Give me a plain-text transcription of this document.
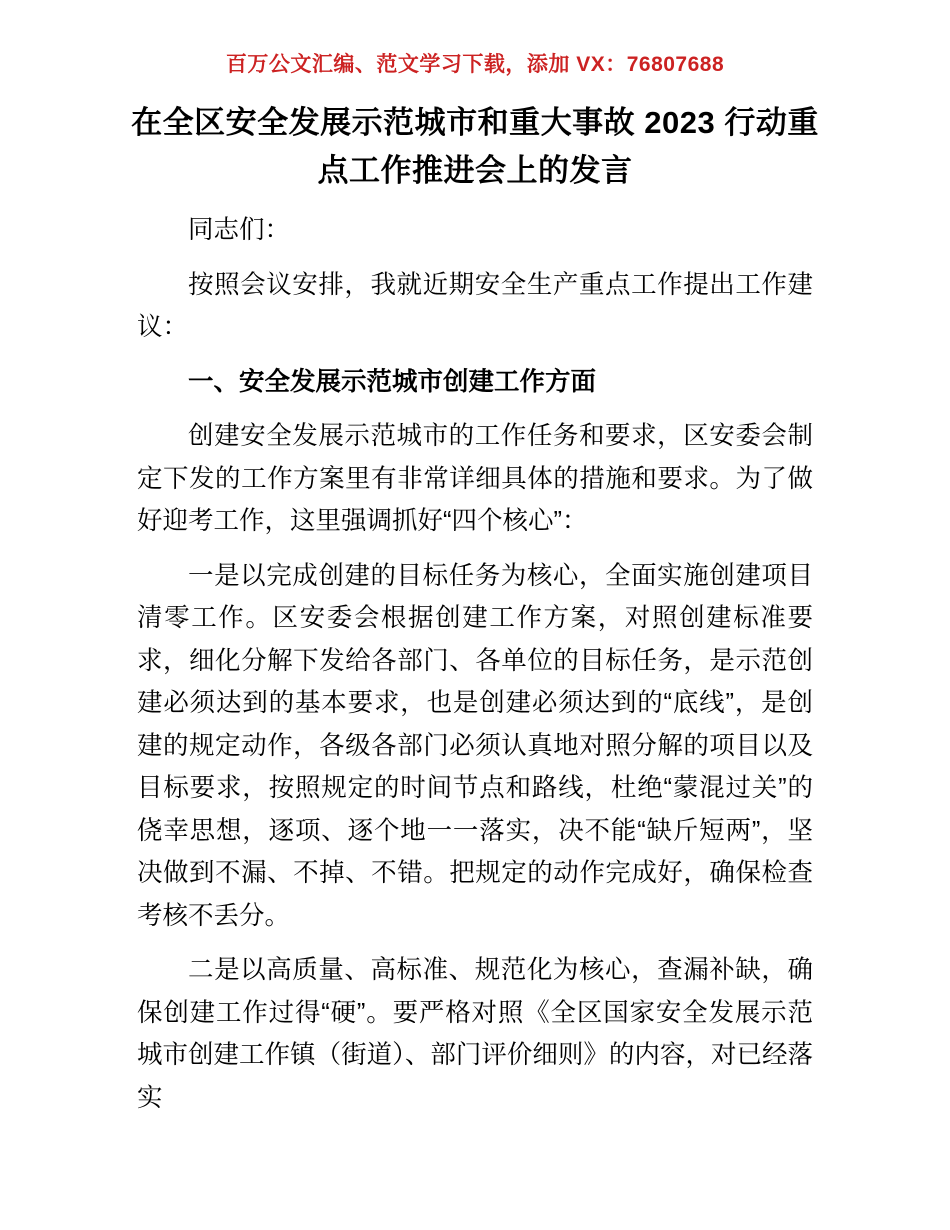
百万公文汇编、范文学习下载，添加 VX：76807688
在全区安全发展示范城市和重大事故 2023 行动重点工作推进会上的发言

同志们：

按照会议安排，我就近期安全生产重点工作提出工作建议：

一、安全发展示范城市创建工作方面

创建安全发展示范城市的工作任务和要求，区安委会制定下发的工作方案里有非常详细具体的措施和要求。为了做好迎考工作，这里强调抓好“四个核心”：

一是以完成创建的目标任务为核心，全面实施创建项目清零工作。区安委会根据创建工作方案，对照创建标准要求，细化分解下发给各部门、各单位的目标任务，是示范创建必须达到的基本要求，也是创建必须达到的“底线”，是创建的规定动作，各级各部门必须认真地对照分解的项目以及目标要求，按照规定的时间节点和路线，杜绝“蒙混过关”的侥幸思想，逐项、逐个地一一落实，决不能“缺斤短两”，坚决做到不漏、不掉、不错。把规定的动作完成好，确保检查考核不丢分。

二是以高质量、高标准、规范化为核心，查漏补缺，确保创建工作过得“硬”。要严格对照《全区国家安全发展示范城市创建工作镇（街道）、部门评价细则》的内容，对已经落实
